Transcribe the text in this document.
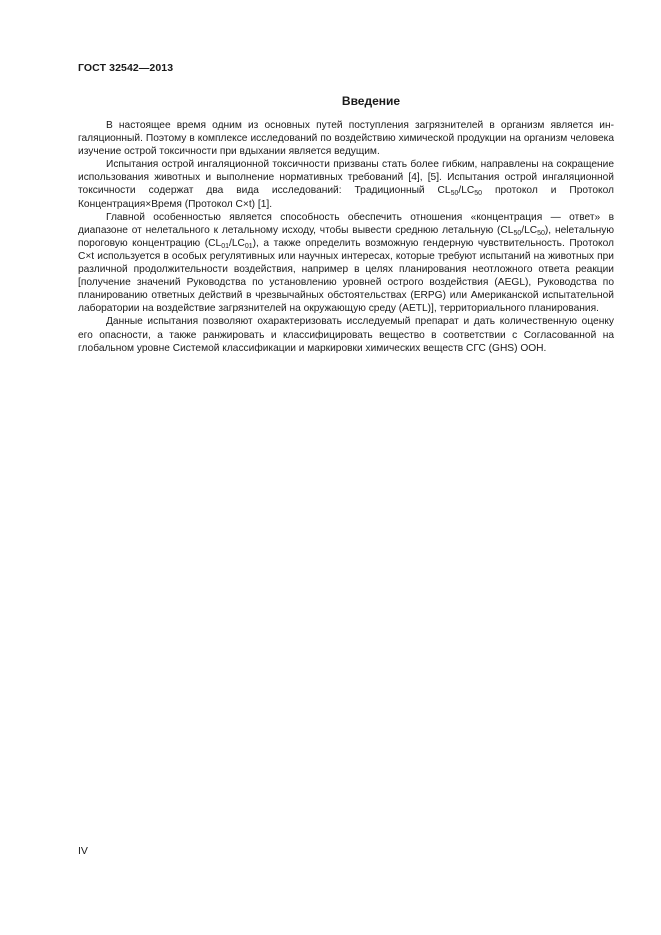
ГОСТ 32542—2013
Введение

В настоящее время одним из основных путей поступления загрязнителей в организм является ингаляционный. Поэтому в комплексе исследований по воздействию химической продукции на организм человека изучение острой токсичности при вдыхании является ведущим.

Испытания острой ингаляционной токсичности призваны стать более гибким, направлены на сокращение использования животных и выполнение нормативных требований [4], [5]. Испытания острой ингаляционной токсичности содержат два вида исследований: Традиционный $CL_{50}/LC_{50}$ протокол и Протокол Концентрация×Время (Протокол C×t) [1].

Главной особенностью является способность обеспечить отношения «концентрация — ответ» в диапазоне от нелетального к летальному исходу, чтобы вывести среднюю летальную $(CL_{50}/LC_{50})$, нeleтальную пороговую концентрацию $(CL_{01}/LC_{01})$, а также определить возможную гендерную чувствительность. Протокол C×t используется в особых регулятивных или научных интересах, которые требуют испытаний на животных при различной продолжительности воздействия, например в целях планирования неотложного ответа реакции [получение значений Руководства по установлению уровней острого воздействия (AEGL), Руководства по планированию ответных действий в чрезвычайных обстоятельствах (ERPG) или Американской испытательной лаборатории на воздействие загрязнителей на окружающую среду (AETL)], территориального планирования.

Данные испытания позволяют охарактеризовать исследуемый препарат и дать количественную оценку его опасности, а также ранжировать и классифицировать вещество в соответствии с Согласованной на глобальном уровне Системой классификации и маркировки химических веществ СГС (GHS) ООН.

IV
